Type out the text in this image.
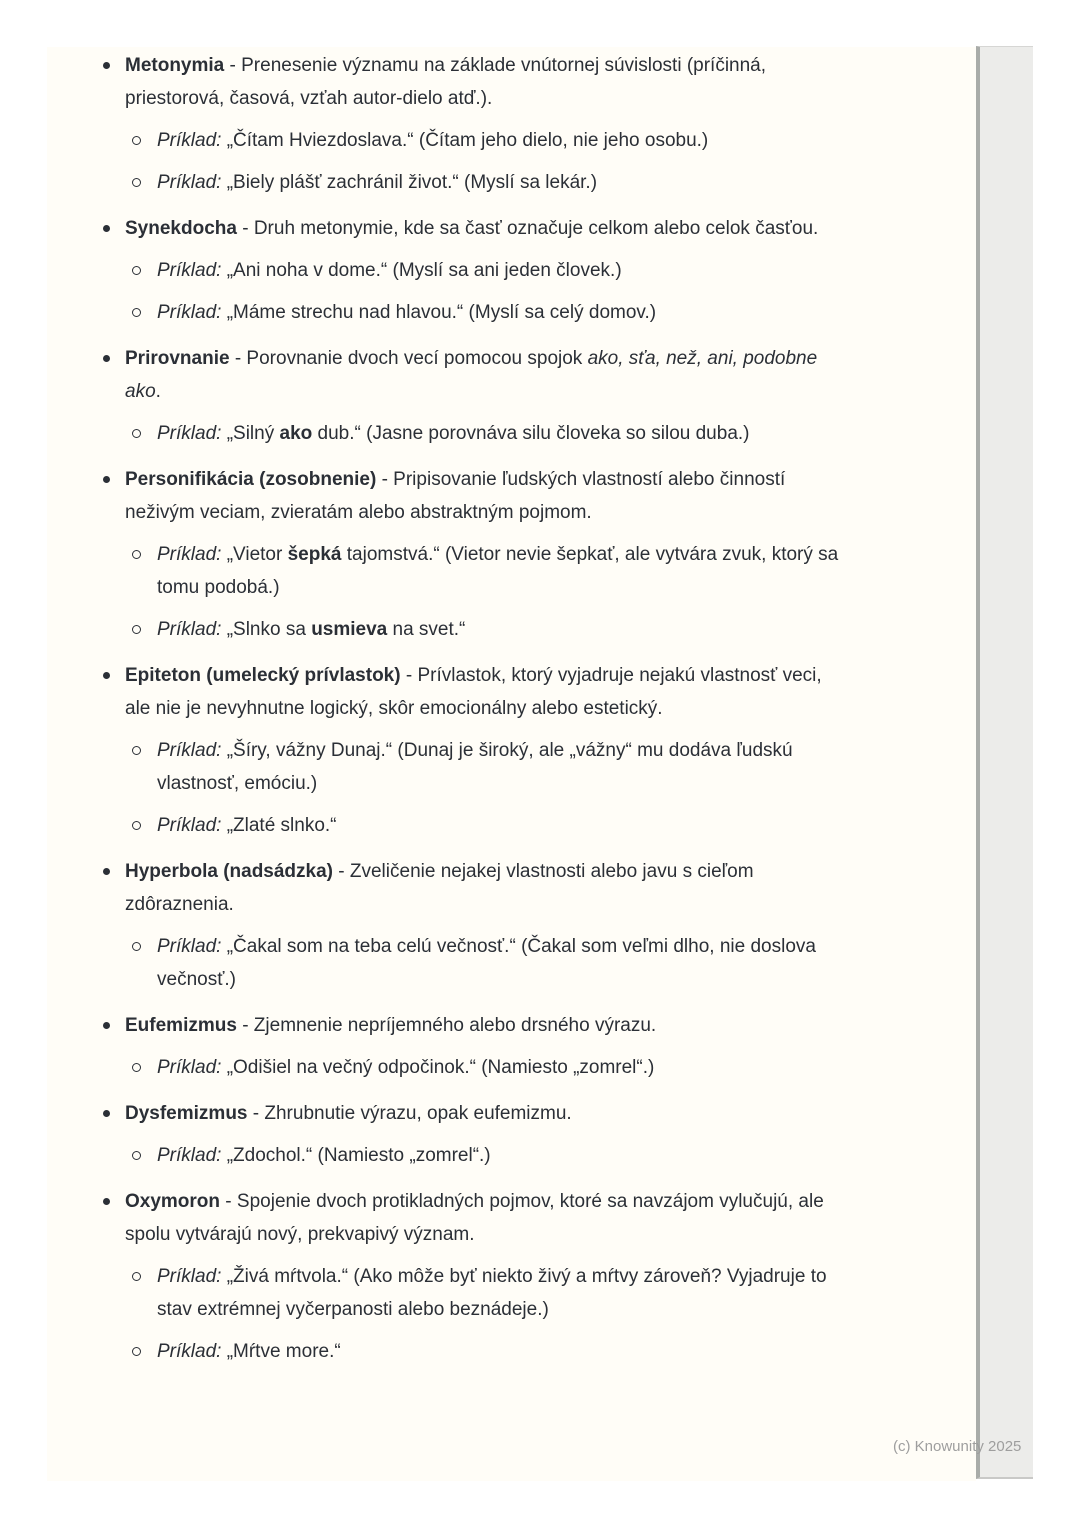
Metonymia - Prenesenie významu na základe vnútornej súvislosti (príčinná, priestorová, časová, vzťah autor-dielo atď.).

Príklad: „Čítam Hviezdoslava.“ (Čítam jeho dielo, nie jeho osobu.)

Príklad: „Biely plášť zachránil život.“ (Myslí sa lekár.)

Synekdocha - Druh metonymie, kde sa časť označuje celkom alebo celok časťou.

Príklad: „Ani noha v dome.“ (Myslí sa ani jeden človek.)

Príklad: „Máme strechu nad hlavou.“ (Myslí sa celý domov.)

Prirovnanie - Porovnanie dvoch vecí pomocou spojok ako, sťa, než, ani, podobne ako.

Príklad: „Silný ako dub.“ (Jasne porovnáva silu človeka so silou duba.)

Personifikácia (zosobnenie) - Pripisovanie ľudských vlastností alebo činností neživým veciam, zvieratám alebo abstraktným pojmom.

Príklad: „Vietor šepká tajomstvá.“ (Vietor nevie šepkať, ale vytvára zvuk, ktorý sa tomu podobá.)

Príklad: „Slnko sa usmieva na svet.“

Epiteton (umelecký prívlastok) - Prívlastok, ktorý vyjadruje nejakú vlastnosť veci, ale nie je nevyhnutne logický, skôr emocionálny alebo estetický.

Príklad: „Šíry, vážny Dunaj.“ (Dunaj je široký, ale „vážny“ mu dodáva ľudskú vlastnosť, emóciu.)

Príklad: „Zlaté slnko.“

Hyperbola (nadsádzka) - Zveličenie nejakej vlastnosti alebo javu s cieľom zdôraznenia.

Príklad: „Čakal som na teba celú večnosť.“ (Čakal som veľmi dlho, nie doslova večnosť.)

Eufemizmus - Zjemnenie nepríjemného alebo drsného výrazu.

Príklad: „Odišiel na večný odpočinok.“ (Namiesto „zomrel“.)

Dysfemizmus - Zhrubnutie výrazu, opak eufemizmu.

Príklad: „Zdochol.“ (Namiesto „zomrel“.)

Oxymoron - Spojenie dvoch protikladných pojmov, ktoré sa navzájom vylučujú, ale spolu vytvárajú nový, prekvapivý význam.

Príklad: „Živá mŕtvola.“ (Ako môže byť niekto živý a mŕtvy zároveň? Vyjadruje to stav extrémnej vyčerpanosti alebo beznádeje.)

Príklad: „Mŕtve more.“

(c) Knowunity 2025
